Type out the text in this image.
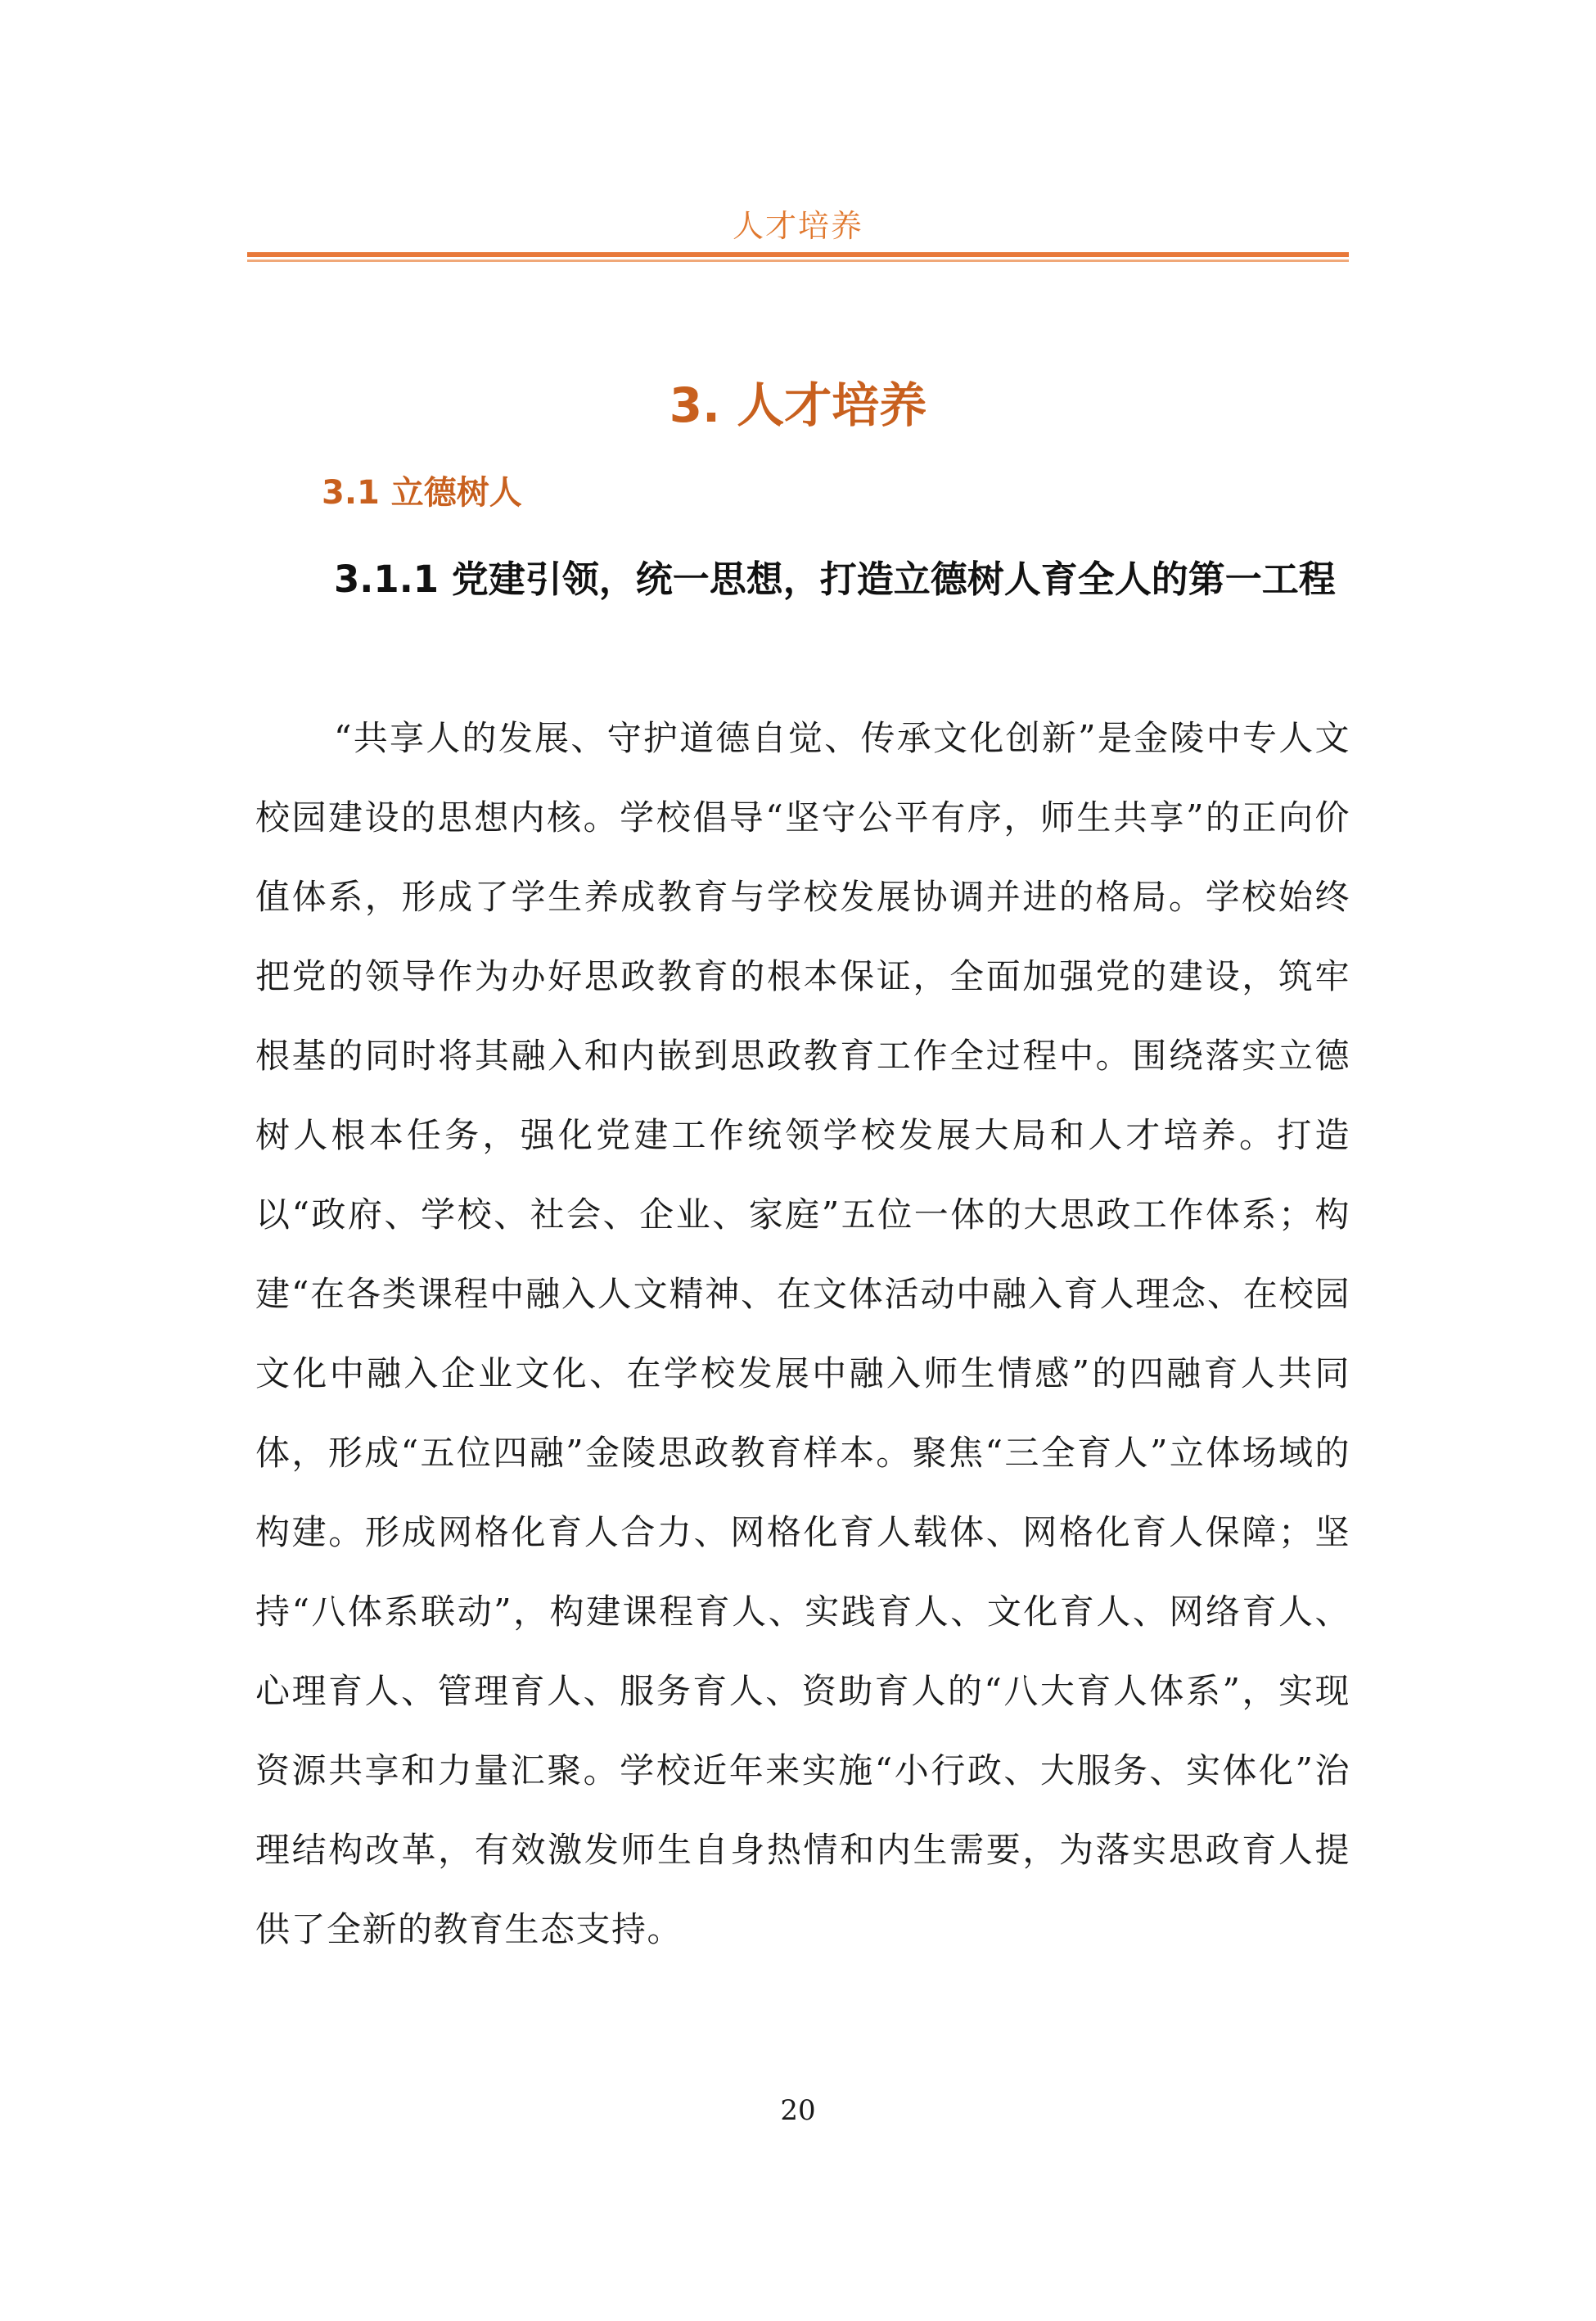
人才培养
3. 人才培养
3.1 立德树人
3.1.1 党建引领，统一思想，打造立德树人育全人的第一工程

“共享人的发展、守护道德自觉、传承文化创新”是金陵中专人文校园建设的思想内核。学校倡导“坚守公平有序，师生共享”的正向价值体系，形成了学生养成教育与学校发展协调并进的格局。学校始终把党的领导作为办好思政教育的根本保证，全面加强党的建设，筑牢根基的同时将其融入和内嵌到思政教育工作全过程中。围绕落实立德树人根本任务，强化党建工作统领学校发展大局和人才培养。打造以“政府、学校、社会、企业、家庭”五位一体的大思政工作体系；构建“在各类课程中融入人文精神、在文体活动中融入育人理念、在校园文化中融入企业文化、在学校发展中融入师生情感”的四融育人共同体，形成“五位四融”金陵思政教育样本。聚焦“三全育人”立体场域的构建。形成网格化育人合力、网格化育人载体、网格化育人保障；坚持“八体系联动”，构建课程育人、实践育人、文化育人、网络育人、心理育人、管理育人、服务育人、资助育人的“八大育人体系”，实现资源共享和力量汇聚。学校近年来实施“小行政、大服务、实体化”治理结构改革，有效激发师生自身热情和内生需要，为落实思政育人提供了全新的教育生态支持。

20
